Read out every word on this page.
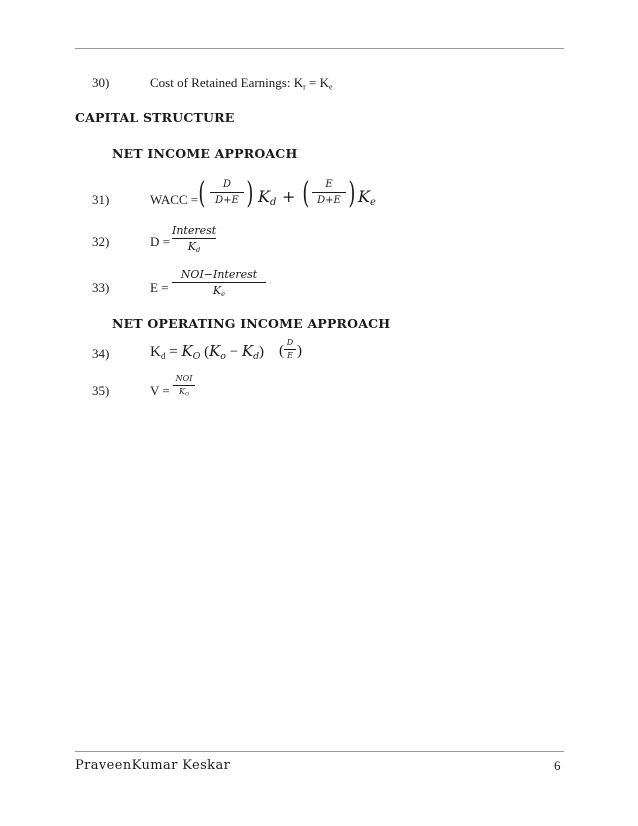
30)	Cost of Retained Earnings: $K_r = K_e$
CAPITAL STRUCTURE
NET INCOME APPROACH
31)	WACC = (	D
D+E ) $K_d$ + (	E
D+E ) $K_e$
32)	D =
Interest
$K_d$
33)	E =
NOI−Interest
$K_e$
NET OPERATING INCOME APPROACH
34)	$K_d = K_O$ $(K_o - K_d)$ (
D
E )
35)	V =
NOI
$K_O$
PraveenKumar Keskar	6
